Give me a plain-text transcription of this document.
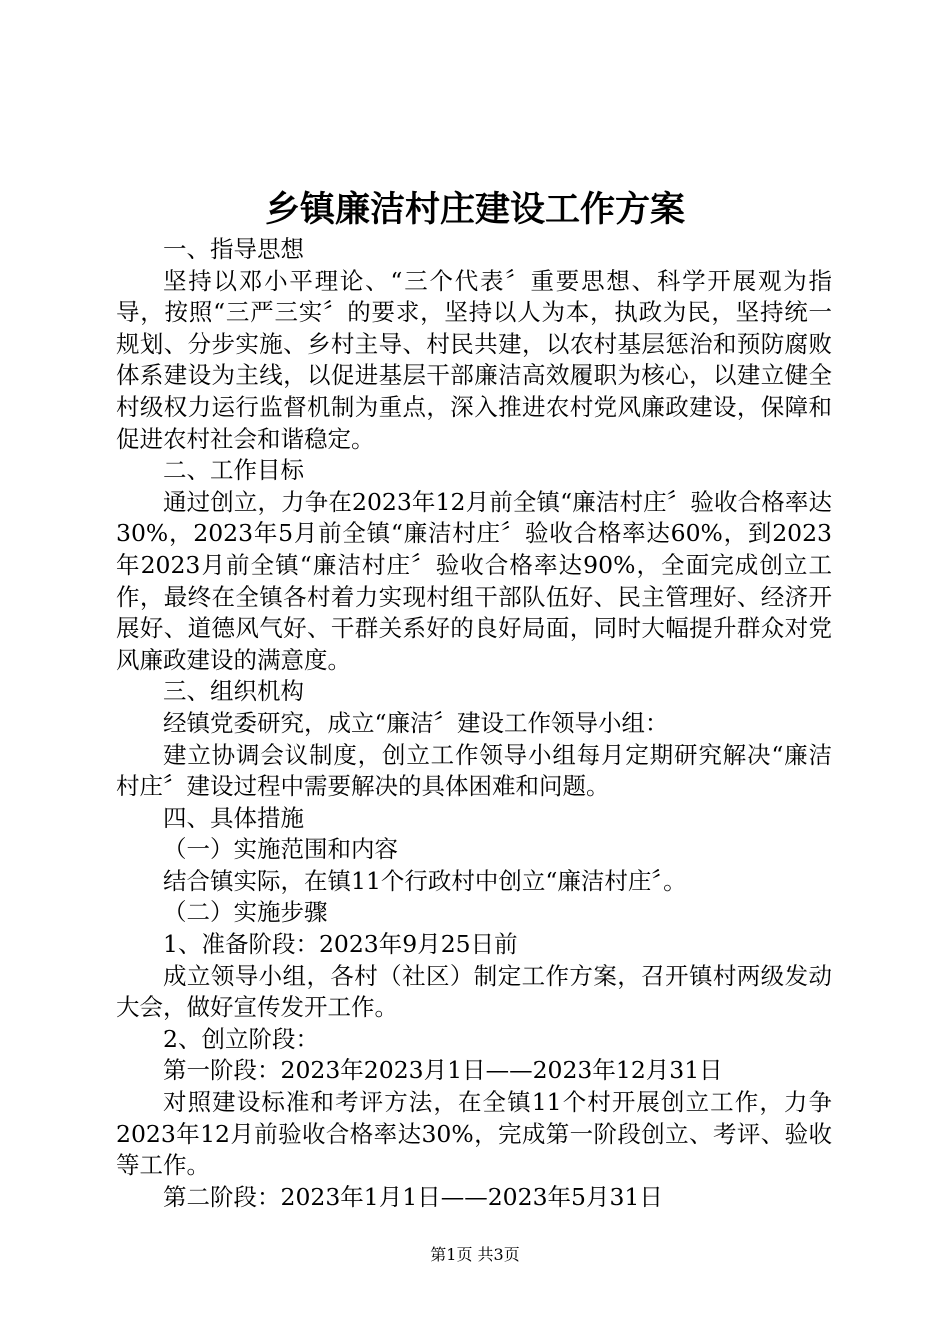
乡镇廉洁村庄建设工作方案

一、指导思想

坚持以邓小平理论、“三个代表〞重要思想、科学开展观为指导，按照“三严三实〞的要求，坚持以人为本，执政为民，坚持统一规划、分步实施、乡村主导、村民共建，以农村基层惩治和预防腐败体系建设为主线，以促进基层干部廉洁高效履职为核心，以建立健全村级权力运行监督机制为重点，深入推进农村党风廉政建设，保障和促进农村社会和谐稳定。

二、工作目标

通过创立，力争在2023年12月前全镇“廉洁村庄〞验收合格率达30%，2023年5月前全镇“廉洁村庄〞验收合格率达60%，到2023年2023月前全镇“廉洁村庄〞验收合格率达90%，全面完成创立工作，最终在全镇各村着力实现村组干部队伍好、民主管理好、经济开展好、道德风气好、干群关系好的良好局面，同时大幅提升群众对党风廉政建设的满意度。

三、组织机构

经镇党委研究，成立“廉洁〞建设工作领导小组：

建立协调会议制度，创立工作领导小组每月定期研究解决“廉洁村庄〞建设过程中需要解决的具体困难和问题。

四、具体措施

（一）实施范围和内容

结合镇实际，在镇11个行政村中创立“廉洁村庄〞。

（二）实施步骤

1、准备阶段：2023年9月25日前

成立领导小组，各村（社区）制定工作方案，召开镇村两级发动大会，做好宣传发开工作。

2、创立阶段：

第一阶段：2023年2023月1日——2023年12月31日

对照建设标准和考评方法，在全镇11个村开展创立工作，力争2023年12月前验收合格率达30%，完成第一阶段创立、考评、验收等工作。

第二阶段：2023年1月1日——2023年5月31日

第1页 共3页
